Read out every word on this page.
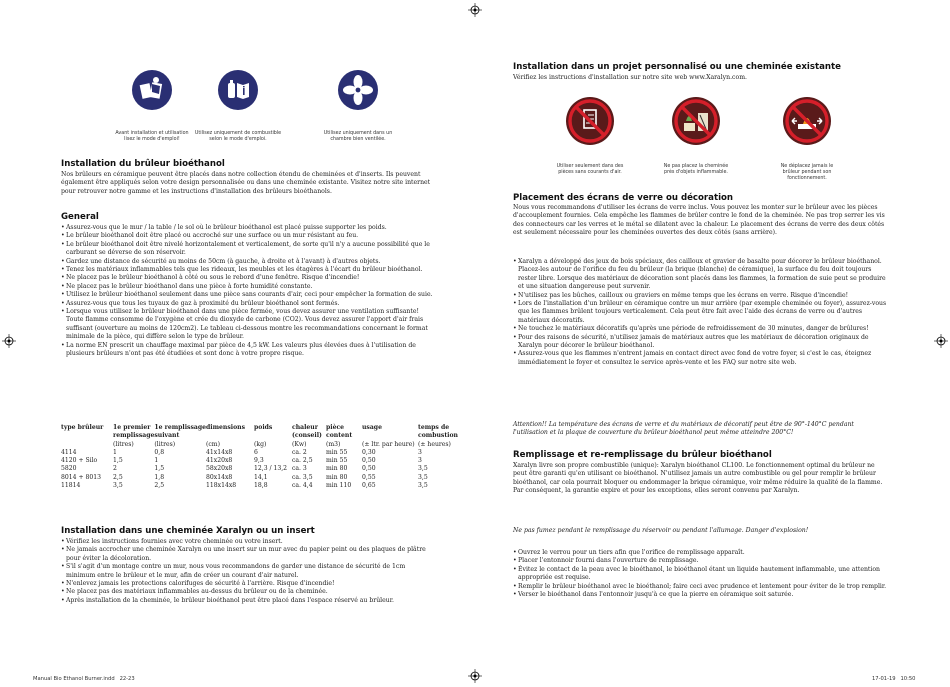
Avant installation et utilisation
lisez le mode d'emploi!
Utilisez uniquement de combustible
selon le mode d'emploi.
Utilisez uniquement dans un
chambre bien ventilée.
Installation du brûleur bioéthanol

Nos brûleurs en céramique peuvent être placés dans notre collection étendu de cheminées et d'inserts. Ils peuvent également être appliqués selon votre design personnalisée ou dans une cheminée existante. Visitez notre site internet pour retrouver notre gamme et les instructions d'installation des brûleurs bioéthanols.

General
• Assurez-vous que le mur / la table / le sol où le brûleur bioéthanol est placé puisse supporter les poids.
• Le brûleur bioéthanol doit être placé ou accroché sur une surface ou un mur résistant au feu.
• Le brûleur bioéthanol doit être nivelé horizontalement et verticalement, de sorte qu'il n'y a aucune possibilité que le carburant se déverse de son réservoir.
• Gardez une distance de sécurité au moins de 50cm (à gauche, à droite et à l'avant) à d'autres objets.
• Tenez les matériaux inflammables tels que les rideaux, les meubles et les étagères à l'écart du brûleur bioéthanol.
• Ne placez pas le brûleur bioéthanol à côté ou sous le rebord d'une fenêtre. Risque d'incendie!
• Ne placez pas le brûleur bioéthanol dans une pièce à forte humidité constante.
• Utilisez le brûleur bioéthanol seulement dans une pièce sans courants d'air, ceci pour empêcher la formation de suie.
• Assurez-vous que tous les tuyaux de gaz à proximité du brûleur bioéthanol sont fermés.
• Lorsque vous utilisez le brûleur bioéthanol dans une pièce fermée, vous devez assurer une ventilation suffisante! Toute flamme consomme de l'oxygène et crée du dioxyde de carbone (CO2). Vous devez assurer l'apport d'air frais suffisant (ouverture au moins de 120cm2). Le tableau ci-dessous montre les recommandations concernant le format minimale de la pièce, qui diffère selon le type de brûleur.
• La norme EN prescrit un chauffage maximal par pièce de 4,5 kW. Les valeurs plus élevées dues à l'utilisation de plusieurs brûleurs n'ont pas été étudiées et sont donc à votre propre risque.
type brûleur	1e premier	1e remplissage	dimensions	poids	chaleur	pièce	usage	temps de
	remplissage	suivant			(conseil)	content		combustion
	(litres)	(litres)	(cm)	(kg)	(Kw)	(m3)	(± ltr. par heure)	(± heures)
4114	1	0,8	41x14x8	6	ca. 2	min 55	0,30	3
4120 + Silo	1,5	1	41x20x8	9,3	ca. 2,5	min 55	0,50	3
5820	2	1,5	58x20x8	12,3 / 13,2	ca. 3	min 80	0,50	3,5
8014 + 8013	2,5	1,8	80x14x8	14,1	ca. 3,5	min 80	0,55	3,5
11814	3,5	2,5	118x14x8	18,8	ca. 4,4	min 110	0,65	3,5
Installation dans une cheminée Xaralyn ou un insert
• Vérifiez les instructions fournies avec votre cheminée ou votre insert.
• Ne jamais accrocher une cheminée Xaralyn ou une insert sur un mur avec du papier peint ou des plaques de plâtre pour éviter la décoloration.
• S'il s'agit d'un montage contre un mur, nous vous recommandons de garder une distance de sécurité de 1cm minimum entre le brûleur et le mur, afin de créer un courant d'air naturel.
• N'enlevez jamais les protections calorifuges de sécurité à l'arrière. Risque d'incendie!
• Ne placez pas des matériaux inflammables au-dessus du brûleur ou de la cheminée.
• Après installation de la cheminée, le brûleur bioéthanol peut être placé dans l'espace réservé au brûleur.
Installation dans un projet personnalisé ou une cheminée existante

Vérifiez les instructions d'installation sur notre site web www.Xaralyn.com.

Utiliser seulement dans des
pièces sans courants d'air.
Ne pas placez la cheminée
près d'objets inflammable.
Ne déplacez jamais le
brûleur pendant son
fonctionnement.
Placement des écrans de verre ou décoration

Nous vous recommandons d'utiliser les écrans de verre inclus. Vous pouvez les monter sur le brûleur avec les pièces d'accouplement fournies. Cela empêche les flammes de brûler contre le fond de la cheminée. Ne pas trop serrer les vis des connecteurs car les verres et le métal se dilatent avec la chaleur. Le placement des écrans de verre des deux côtés est seulement nécessaire pour les cheminées ouvertes des deux côtés (sans arrière).

• Xaralyn a développé des jeux de bois spéciaux, des cailloux et gravier de basalte pour décorer le brûleur bioéthanol. Placez-les autour de l'orifice du feu du brûleur (la brique (blanche) de céramique), la surface du feu doit toujours rester libre. Lorsque des matériaux de décoration sont placés dans les flammes, la formation de suie peut se produire et une situation dangereuse peut survenir.
• N'utilisez pas les bûches, cailloux ou graviers en même temps que les écrans en verre. Risque d'incendie!
• Lors de l'installation d'un brûleur en céramique contre un mur arrière (par exemple cheminée ou foyer), assurez-vous que les flammes brûlent toujours verticalement. Cela peut être fait avec l'aide des écrans de verre ou d'autres matériaux décoratifs.
• Ne touchez le matériaux décoratifs qu'après une période de refroidissement de 30 minutes, danger de brûlures!
• Pour des raisons de sécurité, n'utilisez jamais de matériaux autres que les matériaux de décoration originaux de Xaralyn pour décorer le brûleur bioéthanol.
• Assurez-vous que les flammes n'entrent jamais en contact direct avec fond de votre foyer, si c'est le cas, éteignez immédiatement le foyer et consultez le service après-vente et les FAQ sur notre site web.

Attention!! La température des écrans de verre et du matériaux de décoratif peut être de 90°-140°C pendant l'utilisation et la plaque de couverture du brûleur bioéthanol peut même atteindre 200°C!

Remplissage et re-remplissage du brûleur bioéthanol

Xaralyn livre son propre combustible (unique): Xaralyn bioéthanol CL100. Le fonctionnement optimal du brûleur ne peut être garanti qu'en utilisant ce bioéthanol. N'utilisez jamais un autre combustible ou gel pour remplir le brûleur bioéthanol, car cela pourrait bloquer ou endommager la brique céramique, voir même réduire la qualité de la flamme. Par conséquent, la garantie expire et pour les exceptions, elles seront convenu par Xaralyn.

Ne pas fumez pendant le remplissage du réservoir ou pendant l'allumage. Danger d'explosion!

• Ouvrez le verrou pour un tiers afin que l'orifice de remplissage apparaît.
• Placer l'entonnoir fourni dans l'ouverture de remplissage.
• Évitez le contact de la peau avec le bioéthanol, le bioéthanol étant un liquide hautement inflammable, une attention appropriée est requise.
• Remplir le brûleur bioéthanol avec le bioéthanol; faire ceci avec prudence et lentement pour éviter de le trop remplir.
• Verser le bioéthanol dans l'entonnoir jusqu'à ce que la pierre en céramique soit saturée.
Manual Bio Ethanol Burner.indd   22-23	17-01-19   10:50
